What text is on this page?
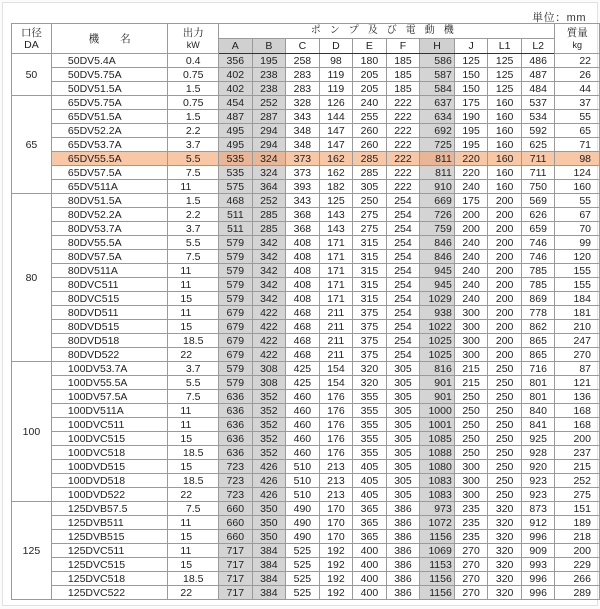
単位：mm
口径
DA	機　　名	出力
kW
	ポンプ及び電動機	質量
kg

			A	B	C	D	E	F	H	J	L1	L2	
50	50DV5.4A	0.4	356	195	258	98	180	185	586	125	125	486	22
	50DV5.75A	0.75	402	238	283	119	205	185	587	150	125	487	26
	50DV51.5A	1.5	402	238	283	119	205	185	584	150	125	484	44
65	65DV5.75A	0.75	454	252	328	126	240	222	637	175	160	537	37
	65DV51.5A	1.5	487	287	343	144	255	222	634	190	160	534	55
	65DV52.2A	2.2	495	294	348	147	260	222	692	195	160	592	65
	65DV53.7A	3.7	495	294	348	147	260	222	725	195	160	625	71
	65DV55.5A	5.5	535	324	373	162	285	222	811	220	160	711	98
	65DV57.5A	7.5	535	324	373	162	285	222	811	220	160	711	124
	65DV511A	11	575	364	393	182	305	222	910	240	160	750	160
80	80DV51.5A	1.5	468	252	343	125	250	254	669	175	200	569	55
	80DV52.2A	2.2	511	285	368	143	275	254	726	200	200	626	67
	80DV53.7A	3.7	511	285	368	143	275	254	759	200	200	659	70
	80DV55.5A	5.5	579	342	408	171	315	254	846	240	200	746	99
	80DV57.5A	7.5	579	342	408	171	315	254	846	240	200	746	120
	80DV511A	11	579	342	408	171	315	254	945	240	200	785	155
	80DVC511	11	579	342	408	171	315	254	945	240	200	785	155
	80DVC515	15	579	342	408	171	315	254	1029	240	200	869	184
	80DVD511	11	679	422	468	211	375	254	938	300	200	778	181
	80DVD515	15	679	422	468	211	375	254	1022	300	200	862	210
	80DVD518	18.5	679	422	468	211	375	254	1025	300	200	865	247
	80DVD522	22	679	422	468	211	375	254	1025	300	200	865	270
100	100DV53.7A	3.7	579	308	425	154	320	305	816	215	250	716	87
	100DV55.5A	5.5	579	308	425	154	320	305	901	215	250	801	121
	100DV57.5A	7.5	636	352	460	176	355	305	901	250	250	801	136
	100DV511A	11	636	352	460	176	355	305	1000	250	250	840	168
	100DVC511	11	636	352	460	176	355	305	1001	250	250	841	168
	100DVC515	15	636	352	460	176	355	305	1085	250	250	925	200
	100DVC518	18.5	636	352	460	176	355	305	1088	250	250	928	237
	100DVD515	15	723	426	510	213	405	305	1080	300	250	920	215
	100DVD518	18.5	723	426	510	213	405	305	1083	300	250	923	252
	100DVD522	22	723	426	510	213	405	305	1083	300	250	923	275
125	125DVB57.5	7.5	660	350	490	170	365	386	973	235	320	873	151
	125DVB511	11	660	350	490	170	365	386	1072	235	320	912	189
	125DVB515	15	660	350	490	170	365	386	1156	235	320	996	218
	125DVC511	11	717	384	525	192	400	386	1069	270	320	909	200
	125DVC515	15	717	384	525	192	400	386	1153	270	320	993	229
	125DVC518	18.5	717	384	525	192	400	386	1156	270	320	996	266
	125DVC522	22	717	384	525	192	400	386	1156	270	320	996	289
